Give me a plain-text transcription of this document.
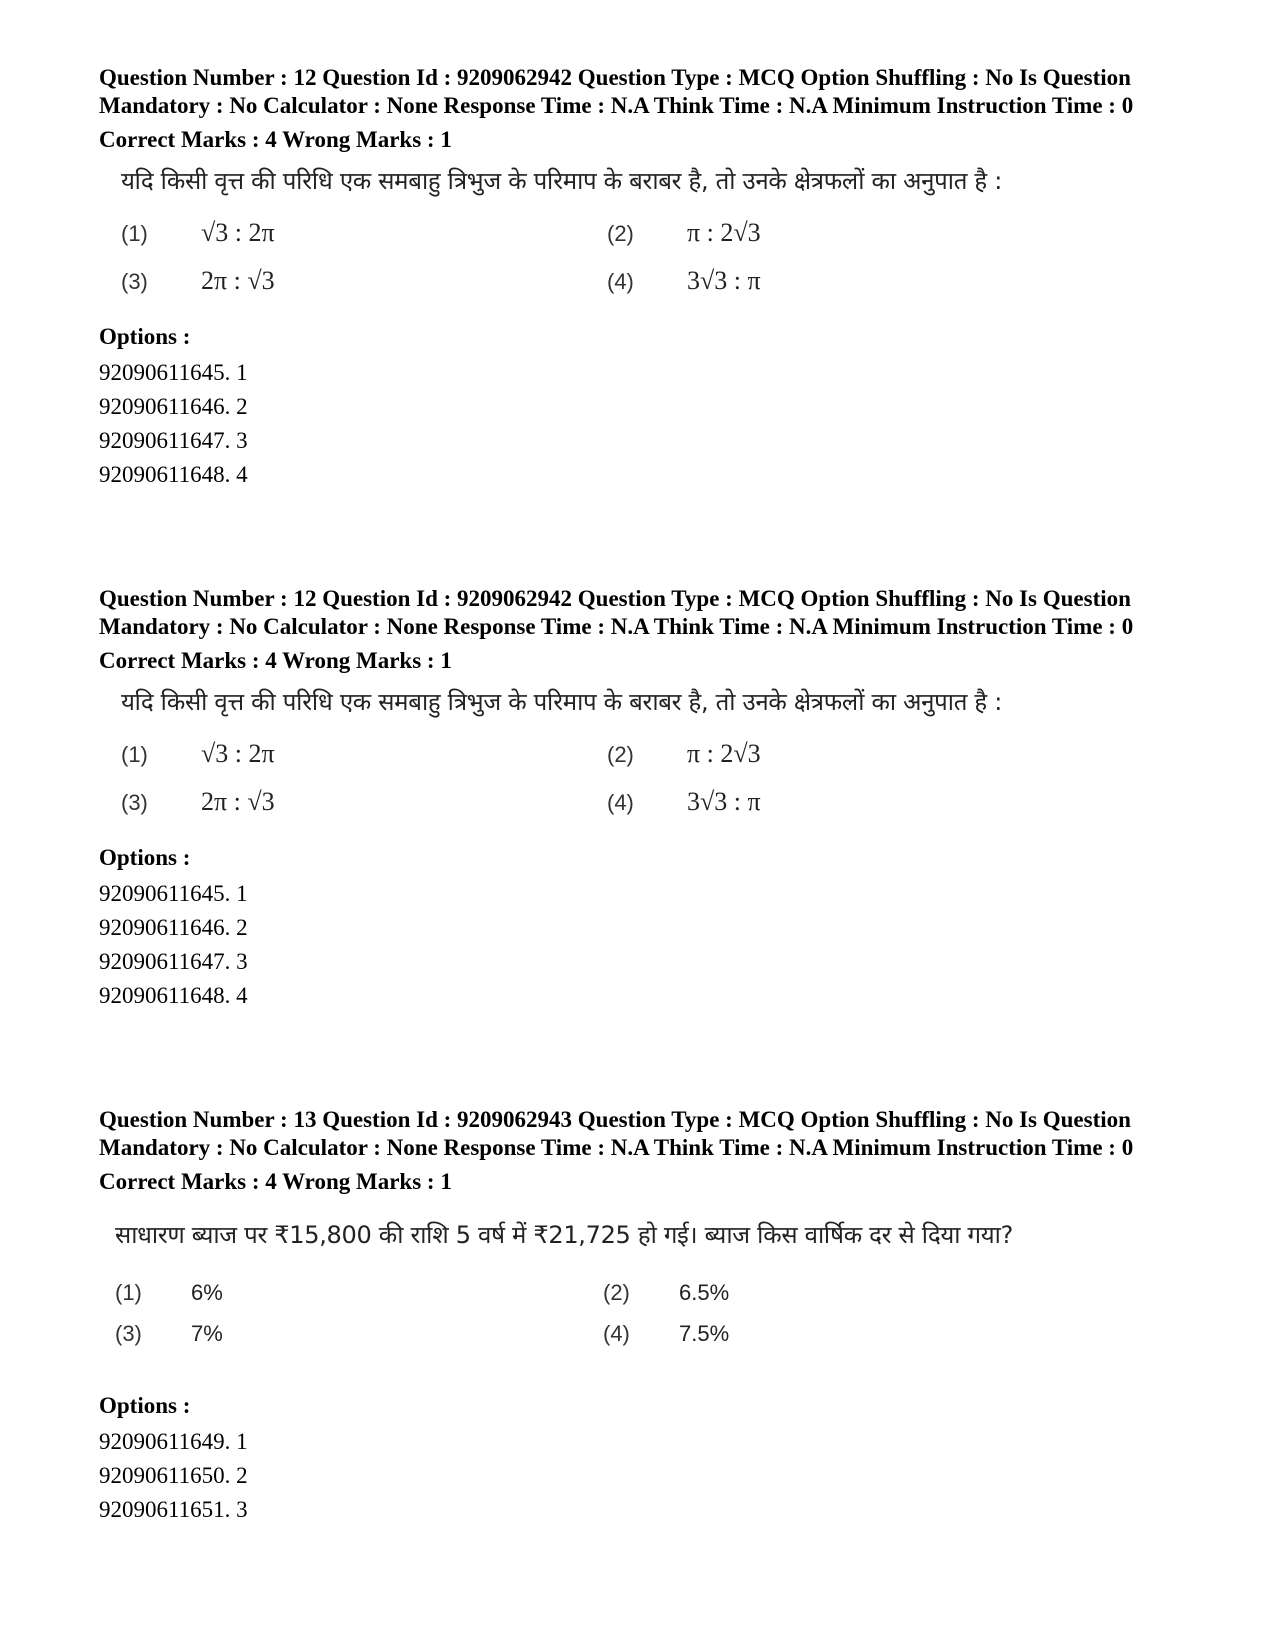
Question Number : 12 Question Id : 9209062942 Question Type : MCQ Option Shuffling : No Is Question Mandatory : No Calculator : None Response Time : N.A Think Time : N.A Minimum Instruction Time : 0

Correct Marks : 4 Wrong Marks : 1

यदि किसी वृत्त की परिधि एक समबाहु त्रिभुज के परिमाप के बराबर है, तो उनके क्षेत्रफलों का अनुपात है :
(1) √3 : 2π	(2) π : 2√3
(3) 2π : √3	(4) 3√3 : π

Options :

92090611645. 1

92090611646. 2

92090611647. 3

92090611648. 4

Question Number : 12 Question Id : 9209062942 Question Type : MCQ Option Shuffling : No Is Question Mandatory : No Calculator : None Response Time : N.A Think Time : N.A Minimum Instruction Time : 0

Correct Marks : 4 Wrong Marks : 1

यदि किसी वृत्त की परिधि एक समबाहु त्रिभुज के परिमाप के बराबर है, तो उनके क्षेत्रफलों का अनुपात है :
(1) √3 : 2π	(2) π : 2√3
(3) 2π : √3	(4) 3√3 : π

Options :

92090611645. 1

92090611646. 2

92090611647. 3

92090611648. 4

Question Number : 13 Question Id : 9209062943 Question Type : MCQ Option Shuffling : No Is Question Mandatory : No Calculator : None Response Time : N.A Think Time : N.A Minimum Instruction Time : 0

Correct Marks : 4 Wrong Marks : 1

साधारण ब्याज पर ₹15,800 की राशि 5 वर्ष में ₹21,725 हो गई। ब्याज किस वार्षिक दर से दिया गया?
(1) 6%	(2) 6.5%
(3) 7%	(4) 7.5%

Options :

92090611649. 1

92090611650. 2

92090611651. 3
